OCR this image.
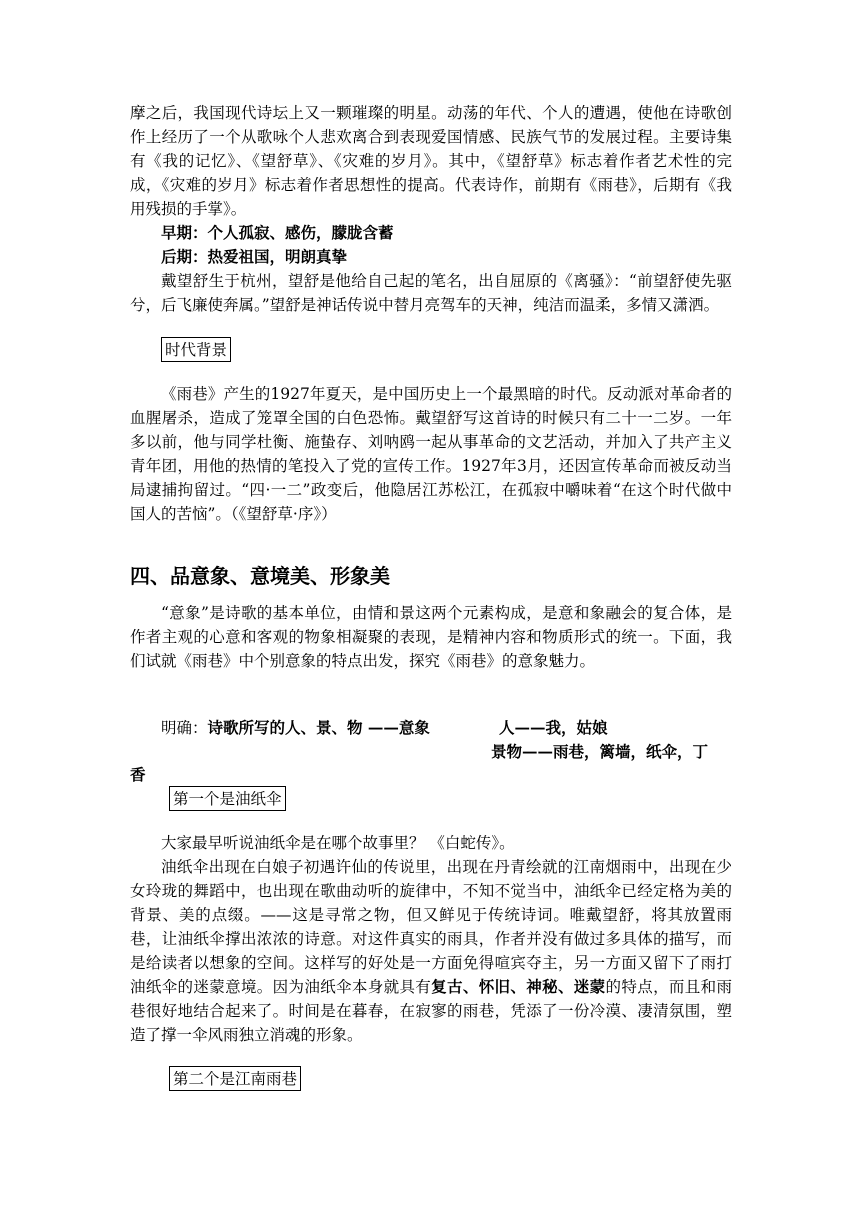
摩之后，我国现代诗坛上又一颗璀璨的明星。动荡的年代、个人的遭遇，使他在诗歌创作上经历了一个从歌咏个人悲欢离合到表现爱国情感、民族气节的发展过程。主要诗集有《我的记忆》、《望舒草》、《灾难的岁月》。其中，《望舒草》标志着作者艺术性的完成，《灾难的岁月》标志着作者思想性的提高。代表诗作，前期有《雨巷》，后期有《我用残损的手掌》。

早期：个人孤寂、感伤，朦胧含蓄

后期：热爱祖国，明朗真挚

戴望舒生于杭州，望舒是他给自己起的笔名，出自屈原的《离骚》：“前望舒使先驱兮，后飞廉使奔属。”望舒是神话传说中替月亮驾车的天神，纯洁而温柔，多情又潇洒。

时代背景

《雨巷》产生的1927年夏天，是中国历史上一个最黑暗的时代。反动派对革命者的血腥屠杀，造成了笼罩全国的白色恐怖。戴望舒写这首诗的时候只有二十一二岁。一年多以前，他与同学杜衡、施蛰存、刘呐鸥一起从事革命的文艺活动，并加入了共产主义青年团，用他的热情的笔投入了党的宣传工作。1927年3月，还因宣传革命而被反动当局逮捕拘留过。“四·一二”政变后，他隐居江苏松江，在孤寂中嚼味着“在这个时代做中国人的苦恼”。（《望舒草·序》）

四、品意象、意境美、形象美

“意象”是诗歌的基本单位，由情和景这两个元素构成，是意和象融会的复合体，是作者主观的心意和客观的物象相凝聚的表现，是精神内容和物质形式的统一。下面，我们试就《雨巷》中个别意象的特点出发，探究《雨巷》的意象魅力。

明确：诗歌所写的人、景、物 ——意象	人——我，姑娘

景物——雨巷，篱墙，纸伞，丁

香

第一个是油纸伞

大家最早听说油纸伞是在哪个故事里？ 《白蛇传》。

油纸伞出现在白娘子初遇许仙的传说里，出现在丹青绘就的江南烟雨中，出现在少女玲珑的舞蹈中，也出现在歌曲动听的旋律中，不知不觉当中，油纸伞已经定格为美的背景、美的点缀。——这是寻常之物，但又鲜见于传统诗词。唯戴望舒，将其放置雨巷，让油纸伞撑出浓浓的诗意。对这件真实的雨具，作者并没有做过多具体的描写，而是给读者以想象的空间。这样写的好处是一方面免得喧宾夺主，另一方面又留下了雨打油纸伞的迷蒙意境。因为油纸伞本身就具有复古、怀旧、神秘、迷蒙的特点，而且和雨巷很好地结合起来了。时间是在暮春，在寂寥的雨巷，凭添了一份冷漠、凄清氛围，塑造了撑一伞风雨独立消魂的形象。

第二个是江南雨巷
